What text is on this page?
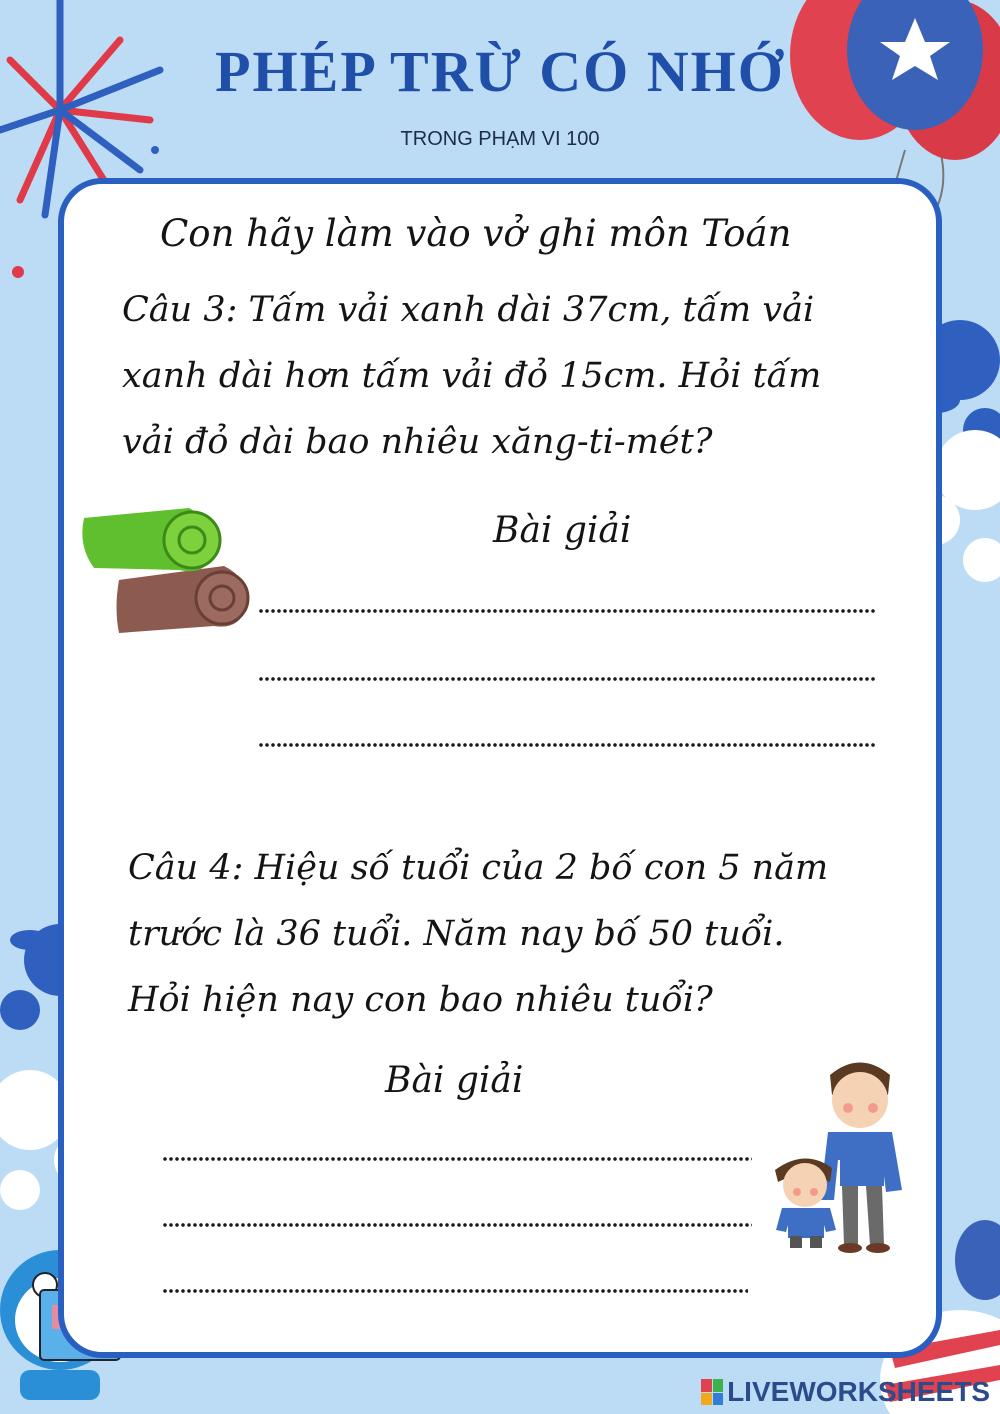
PHÉP TRỪ CÓ NHỚ
TRONG PHẠM VI 100
Con hãy làm vào vở ghi môn Toán
Câu 3: Tấm vải xanh dài 37cm, tấm vải
xanh dài hơn tấm vải đỏ 15cm. Hỏi tấm
vải đỏ dài bao nhiêu xăng-ti-mét?
Bài giải
Câu 4: Hiệu số tuổi của 2 bố con 5 năm
trước là 36 tuổi. Năm nay bố 50 tuổi.
Hỏi hiện nay con bao nhiêu tuổi?
Bài giải
LIVEWORKSHEETS
